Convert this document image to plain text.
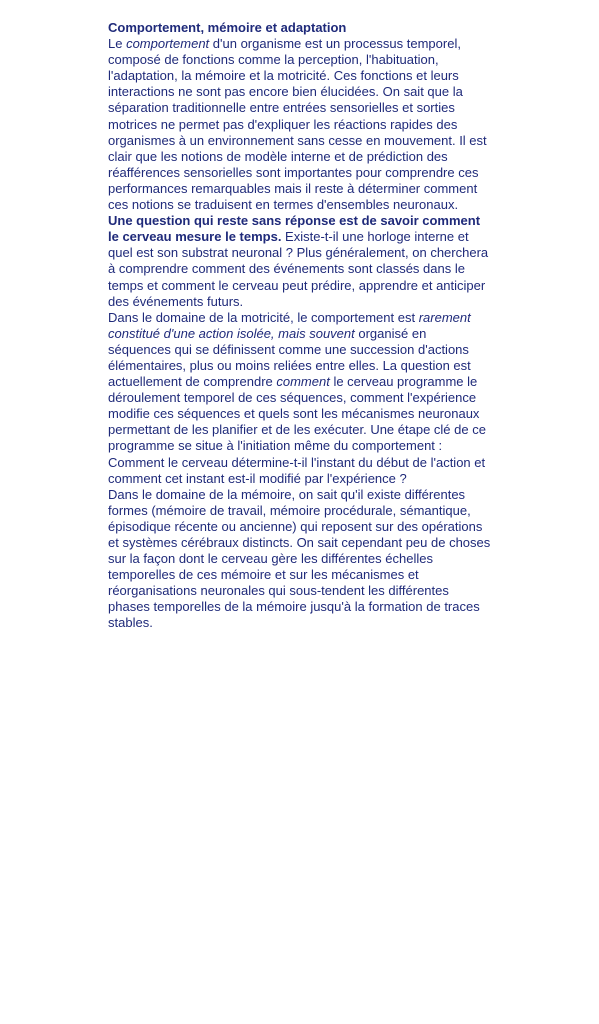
Comportement, mémoire et adaptation

Le comportement d'un organisme est un processus temporel, composé de fonctions comme la perception, l'habituation, l'adaptation, la mémoire et la motricité. Ces fonctions et leurs interactions ne sont pas encore bien élucidées. On sait que la séparation traditionnelle entre entrées sensorielles et sorties motrices ne permet pas d'expliquer les réactions rapides des organismes à un environnement sans cesse en mouvement. Il est clair que les notions de modèle interne et de prédiction des réafférences sensorielles sont importantes pour comprendre ces performances remarquables mais il reste à déterminer comment ces notions se traduisent en termes d'ensembles neuronaux.

Une question qui reste sans réponse est de savoir comment le cerveau mesure le temps. Existe-t-il une horloge interne et quel est son substrat neuronal ? Plus généralement, on cherchera à comprendre comment des événements sont classés dans le temps et comment le cerveau peut prédire, apprendre et anticiper des événements futurs.

Dans le domaine de la motricité, le comportement est rarement constitué d'une action isolée, mais souvent organisé en séquences qui se définissent comme une succession d'actions élémentaires, plus ou moins reliées entre elles. La question est actuellement de comprendre comment le cerveau programme le déroulement temporel de ces séquences, comment l'expérience modifie ces séquences et quels sont les mécanismes neuronaux permettant de les planifier et de les exécuter. Une étape clé de ce programme se situe à l'initiation même du comportement : Comment le cerveau détermine-t-il l'instant du début de l'action et comment cet instant est-il modifié par l'expérience ?

Dans le domaine de la mémoire, on sait qu'il existe différentes formes (mémoire de travail, mémoire procédurale, sémantique, épisodique récente ou ancienne) qui reposent sur des opérations et systèmes cérébraux distincts. On sait cependant peu de choses sur la façon dont le cerveau gère les différentes échelles temporelles de ces mémoire et sur les mécanismes et réorganisations neuronales qui sous-tendent les différentes phases temporelles de la mémoire jusqu'à la formation de traces stables.
